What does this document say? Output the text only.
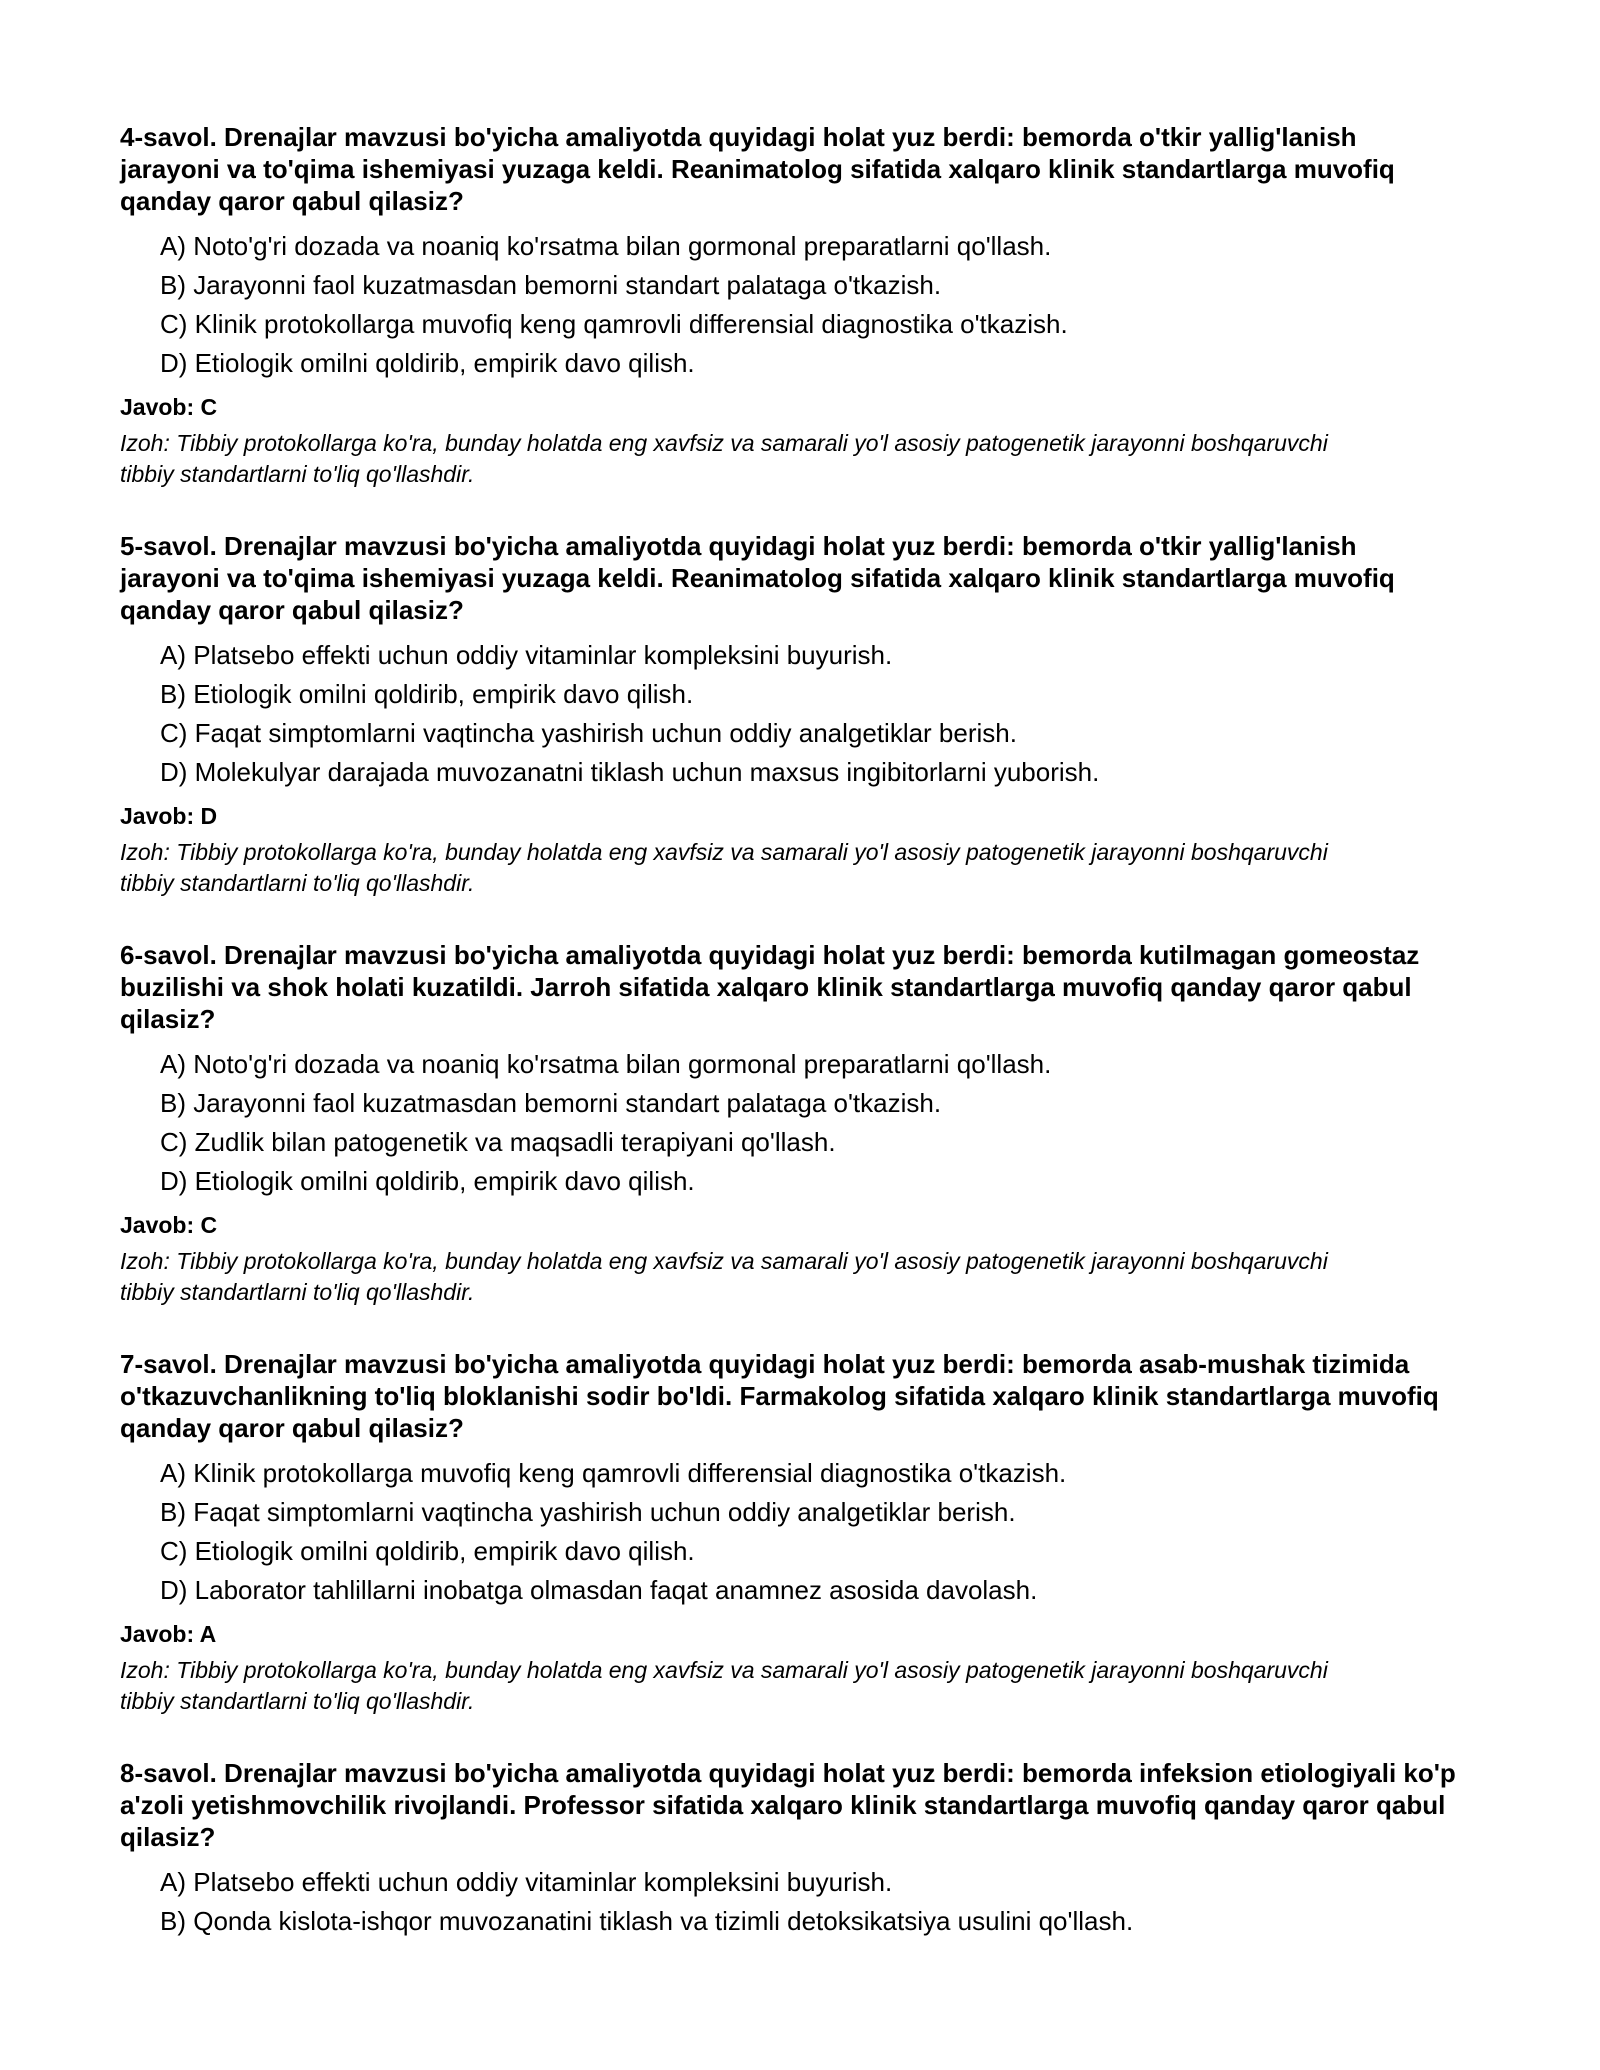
4-savol. Drenajlar mavzusi bo'yicha amaliyotda quyidagi holat yuz berdi: bemorda o'tkir yallig'lanish jarayoni va to'qima ishemiyasi yuzaga keldi. Reanimatolog sifatida xalqaro klinik standartlarga muvofiq qanday qaror qabul qilasiz?

A) Noto'g'ri dozada va noaniq ko'rsatma bilan gormonal preparatlarni qo'llash.
B) Jarayonni faol kuzatmasdan bemorni standart palataga o'tkazish.
C) Klinik protokollarga muvofiq keng qamrovli differensial diagnostika o'tkazish.
D) Etiologik omilni qoldirib, empirik davo qilish.

Javob: C

Izoh: Tibbiy protokollarga ko'ra, bunday holatda eng xavfsiz va samarali yo'l asosiy patogenetik jarayonni boshqaruvchi tibbiy standartlarni to'liq qo'llashdir.

5-savol. Drenajlar mavzusi bo'yicha amaliyotda quyidagi holat yuz berdi: bemorda o'tkir yallig'lanish jarayoni va to'qima ishemiyasi yuzaga keldi. Reanimatolog sifatida xalqaro klinik standartlarga muvofiq qanday qaror qabul qilasiz?

A) Platsebo effekti uchun oddiy vitaminlar kompleksini buyurish.
B) Etiologik omilni qoldirib, empirik davo qilish.
C) Faqat simptomlarni vaqtincha yashirish uchun oddiy analgetiklar berish.
D) Molekulyar darajada muvozanatni tiklash uchun maxsus ingibitorlarni yuborish.

Javob: D

Izoh: Tibbiy protokollarga ko'ra, bunday holatda eng xavfsiz va samarali yo'l asosiy patogenetik jarayonni boshqaruvchi tibbiy standartlarni to'liq qo'llashdir.

6-savol. Drenajlar mavzusi bo'yicha amaliyotda quyidagi holat yuz berdi: bemorda kutilmagan gomeostaz buzilishi va shok holati kuzatildi. Jarroh sifatida xalqaro klinik standartlarga muvofiq qanday qaror qabul qilasiz?

A) Noto'g'ri dozada va noaniq ko'rsatma bilan gormonal preparatlarni qo'llash.
B) Jarayonni faol kuzatmasdan bemorni standart palataga o'tkazish.
C) Zudlik bilan patogenetik va maqsadli terapiyani qo'llash.
D) Etiologik omilni qoldirib, empirik davo qilish.

Javob: C

Izoh: Tibbiy protokollarga ko'ra, bunday holatda eng xavfsiz va samarali yo'l asosiy patogenetik jarayonni boshqaruvchi tibbiy standartlarni to'liq qo'llashdir.

7-savol. Drenajlar mavzusi bo'yicha amaliyotda quyidagi holat yuz berdi: bemorda asab-mushak tizimida o'tkazuvchanlikning to'liq bloklanishi sodir bo'ldi. Farmakolog sifatida xalqaro klinik standartlarga muvofiq qanday qaror qabul qilasiz?

A) Klinik protokollarga muvofiq keng qamrovli differensial diagnostika o'tkazish.
B) Faqat simptomlarni vaqtincha yashirish uchun oddiy analgetiklar berish.
C) Etiologik omilni qoldirib, empirik davo qilish.
D) Laborator tahlillarni inobatga olmasdan faqat anamnez asosida davolash.

Javob: A

Izoh: Tibbiy protokollarga ko'ra, bunday holatda eng xavfsiz va samarali yo'l asosiy patogenetik jarayonni boshqaruvchi tibbiy standartlarni to'liq qo'llashdir.

8-savol. Drenajlar mavzusi bo'yicha amaliyotda quyidagi holat yuz berdi: bemorda infeksion etiologiyali ko'p a'zoli yetishmovchilik rivojlandi. Professor sifatida xalqaro klinik standartlarga muvofiq qanday qaror qabul qilasiz?

A) Platsebo effekti uchun oddiy vitaminlar kompleksini buyurish.
B) Qonda kislota-ishqor muvozanatini tiklash va tizimli detoksikatsiya usulini qo'llash.
